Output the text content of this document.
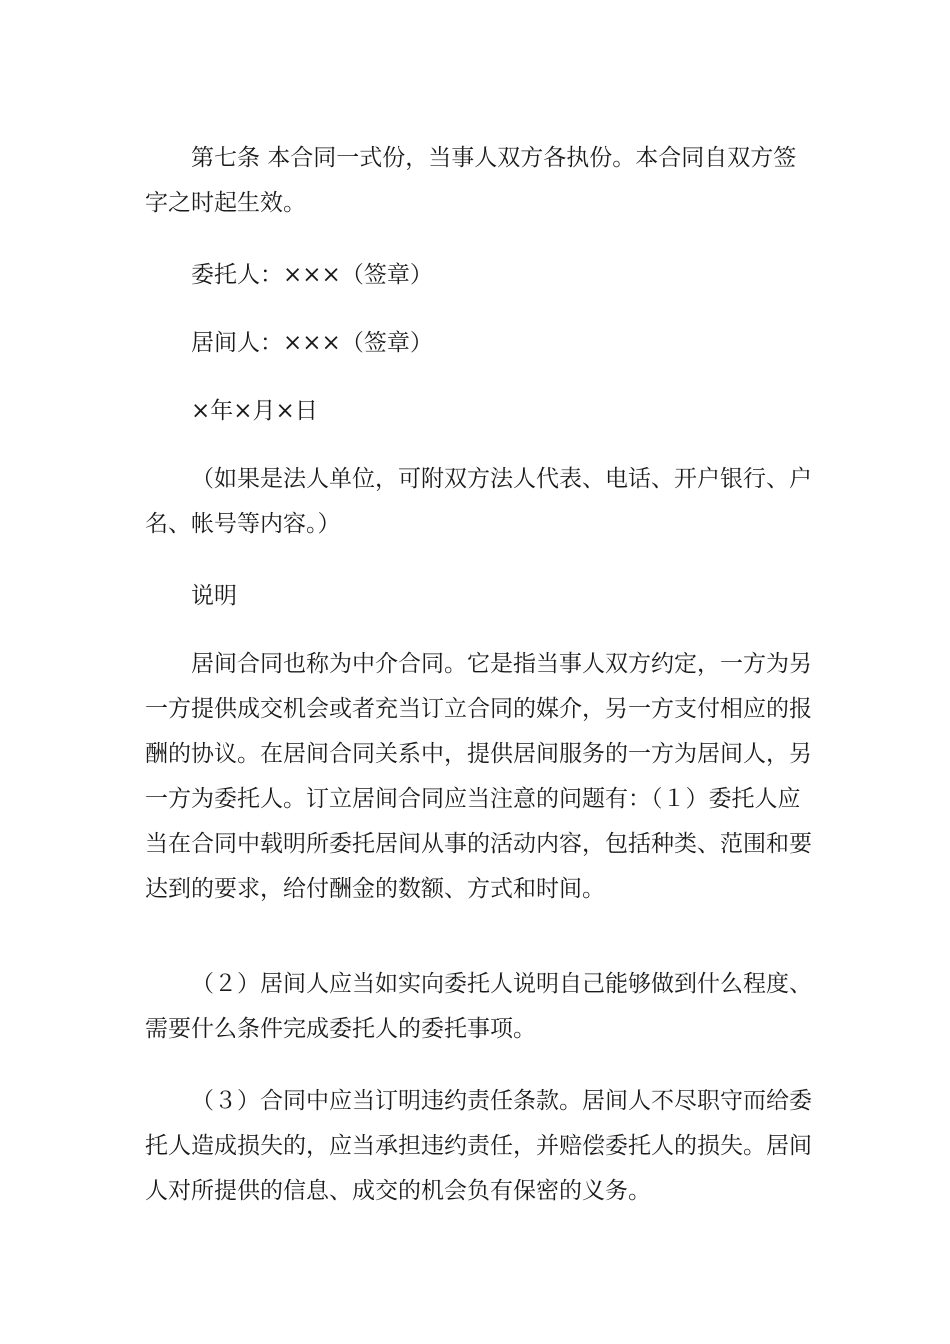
第七条 本合同一式份，当事人双方各执份。本合同自双方签字之时起生效。

委托人：×××（签章）

居间人：×××（签章）

×年×月×日

（如果是法人单位，可附双方法人代表、电话、开户银行、户名、帐号等内容。）

说明

居间合同也称为中介合同。它是指当事人双方约定，一方为另一方提供成交机会或者充当订立合同的媒介，另一方支付相应的报酬的协议。在居间合同关系中，提供居间服务的一方为居间人，另一方为委托人。订立居间合同应当注意的问题有：（１）委托人应当在合同中载明所委托居间从事的活动内容，包括种类、范围和要达到的要求，给付酬金的数额、方式和时间。

（２）居间人应当如实向委托人说明自己能够做到什么程度、需要什么条件完成委托人的委托事项。

（３）合同中应当订明违约责任条款。居间人不尽职守而给委托人造成损失的，应当承担违约责任，并赔偿委托人的损失。居间人对所提供的信息、成交的机会负有保密的义务。
